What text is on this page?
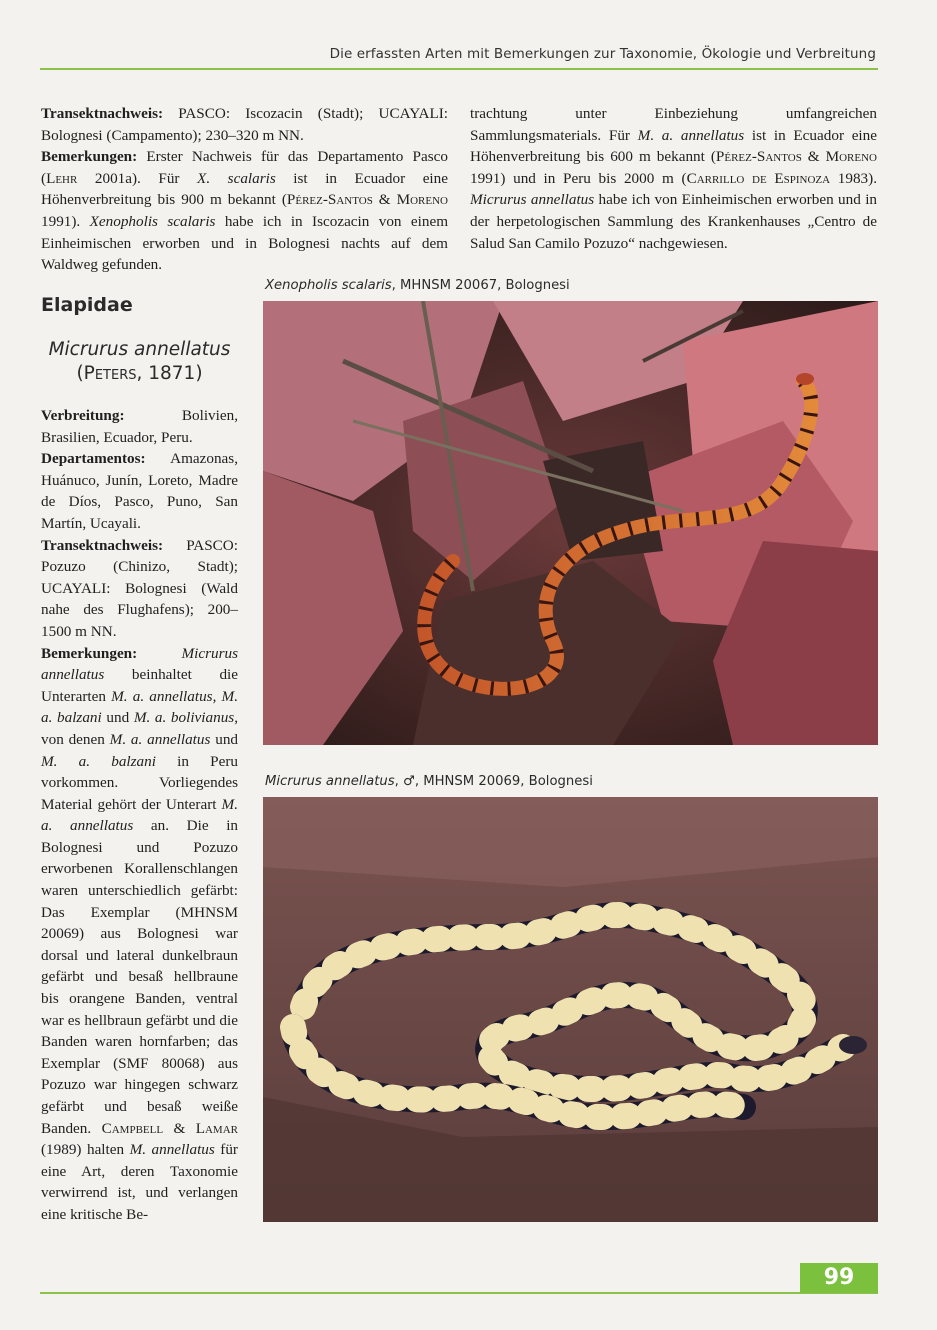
Die erfassten Arten mit Bemerkungen zur Taxonomie, Ökologie und Verbreitung

Transektnachweis: PASCO: Iscozacin (Stadt); UCAYALI: Bolognesi (Campamento); 230–320 m NN.

Bemerkungen: Erster Nachweis für das Departamento Pasco (Lehr 2001a). Für X. scalaris ist in Ecuador eine Höhenverbreitung bis 900 m bekannt (Pérez-Santos & Moreno 1991). Xenopholis scalaris habe ich in Iscozacin von einem Einheimischen erworben und in Bolognesi nachts auf dem Waldweg gefunden.

trachtung unter Einbeziehung umfangreichen Sammlungsmaterials. Für M. a. annellatus ist in Ecuador eine Höhenverbreitung bis 600 m bekannt (Pérez-Santos & Moreno 1991) und in Peru bis 2000 m (Carrillo de Espinoza 1983). Micrurus annellatus habe ich von Einheimischen erworben und in der herpetologischen Sammlung des Krankenhauses „Centro de Salud San Camilo Pozuzo“ nachgewiesen.

Elapidae
Micrurus annellatus
(Peters, 1871)

Verbreitung: Bolivien, Brasilien, Ecuador, Peru.

Departamentos: Amazonas, Huánuco, Junín, Loreto, Madre de Díos, Pasco, Puno, San Martín, Ucayali.

Transektnachweis: PASCO: Pozuzo (Chinizo, Stadt); UCAYALI: Bolognesi (Wald nahe des Flughafens); 200–1500 m NN.

Bemerkungen:	Micrurus annellatus beinhaltet die Unterarten M. a. annellatus, M. a. balzani und M. a. bolivianus, von denen M. a. annellatus und M. a. balzani in Peru vorkommen. Vorliegendes Material gehört der Unterart M. a. annellatus an. Die in Bolognesi und Pozuzo erworbenen Korallenschlangen waren unterschiedlich gefärbt: Das Exemplar (MHNSM 20069) aus Bolognesi war dorsal und lateral dunkelbraun gefärbt und besaß hellbraune bis orangene Banden, ventral war es hellbraun gefärbt und die Banden waren hornfarben; das Exemplar (SMF 80068) aus Pozuzo war hingegen schwarz gefärbt und besaß weiße Banden. Campbell & Lamar (1989) halten M. annellatus für eine Art, deren Taxonomie verwirrend ist, und verlangen eine kritische Be-

Xenopholis scalaris, MHNSM 20067, Bolognesi
Micrurus annellatus, ♂, MHNSM 20069, Bolognesi
99
